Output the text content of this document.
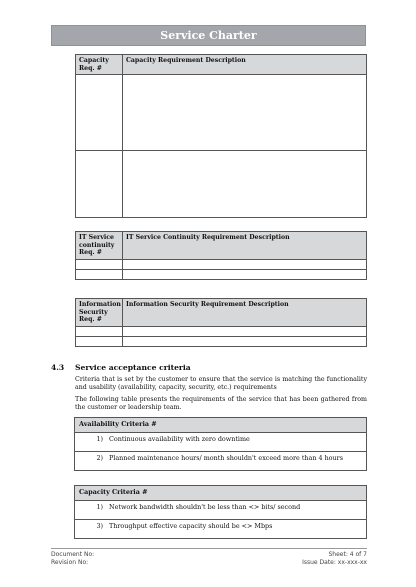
Service Charter
Capacity Req. #	Capacity Requirement Description

IT Service continuity Req. #	IT Service Continuity Requirement Description

Information Security Req. #	Information Security Requirement Description

4.3 Service acceptance criteria
Criteria that is set by the customer to ensure that the service is matching the functionality and usability (availability, capacity, security, etc.) requirements
The following table presents the requirements of the service that has been gathered from the customer or leadership team.
Availability Criteria #
1) Continuous availability with zero downtime
2) Planned maintenance hours/ month shouldn't exceed more than 4 hours
Capacity Criteria #
1) Network bandwidth shouldn't be less than <> bits/ second
3) Throughput effective capacity should be <> Mbps
Document No:
Revision No:
Sheet: 4 of 7
Issue Date: xx-xxx-xx
